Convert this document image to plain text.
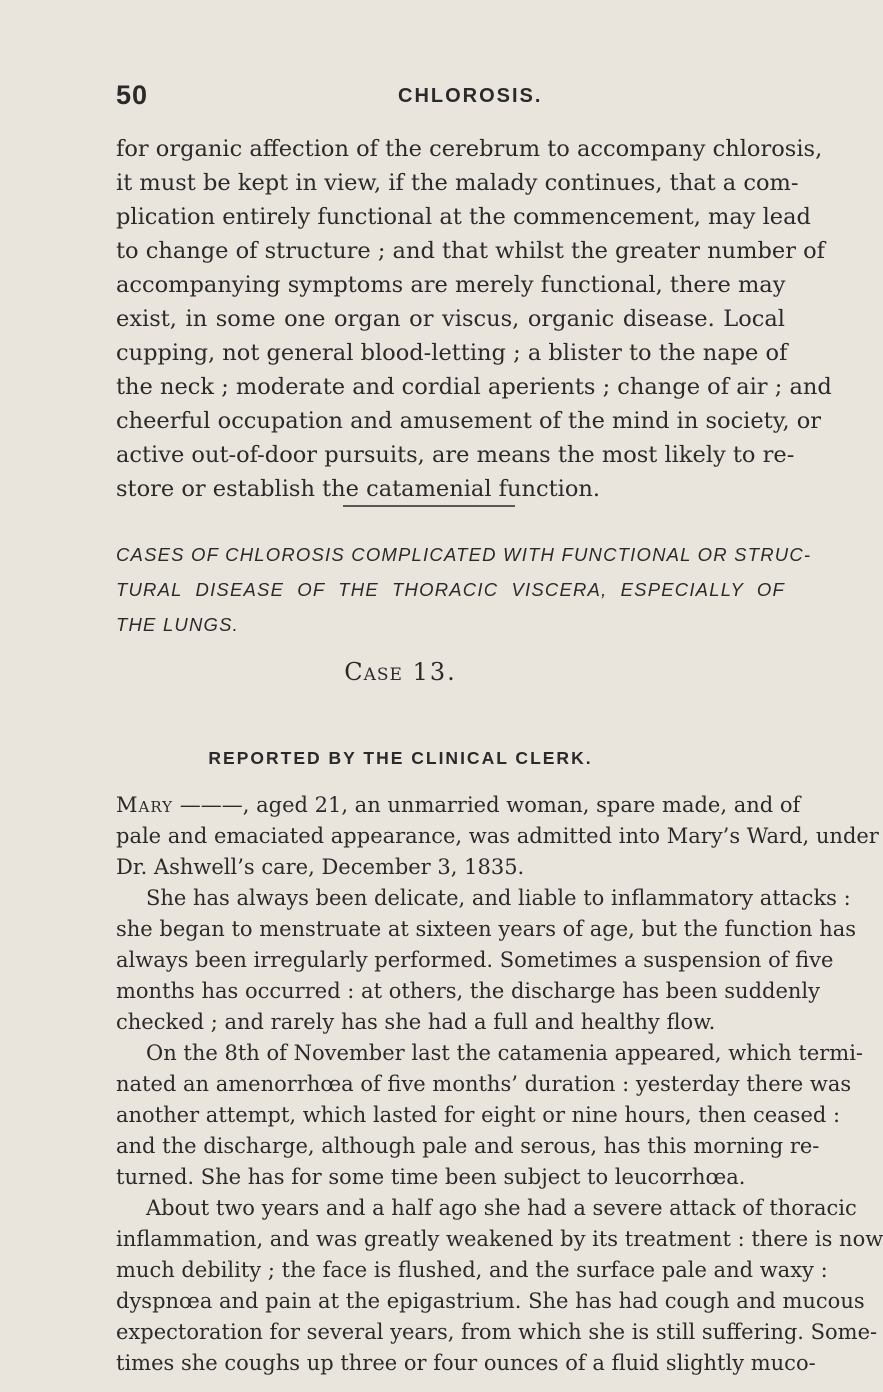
50	CHLOROSIS.
for organic affection of the cerebrum to accompany chlorosis,
it must be kept in view, if the malady continues, that a com-
plication entirely functional at the commencement, may lead
to change of structure ; and that whilst the greater number of
accompanying symptoms are merely functional, there may
exist, in some one organ or viscus, organic disease. Local
cupping, not general blood-letting ; a blister to the nape of
the neck ; moderate and cordial aperients ; change of air ; and
cheerful occupation and amusement of the mind in society, or
active out-of-door pursuits, are means the most likely to re-
store or establish the catamenial function.
CASES OF CHLOROSIS COMPLICATED WITH FUNCTIONAL OR STRUC-
TURAL DISEASE OF THE THORACIC VISCERA, ESPECIALLY OF
THE LUNGS.
Case 13.
REPORTED BY THE CLINICAL CLERK.
Mary ———, aged 21, an unmarried woman, spare made, and of
pale and emaciated appearance, was admitted into Mary’s Ward, under
Dr. Ashwell’s care, December 3, 1835.
She has always been delicate, and liable to inflammatory attacks :
she began to menstruate at sixteen years of age, but the function has
always been irregularly performed. Sometimes a suspension of five
months has occurred : at others, the discharge has been suddenly
checked ; and rarely has she had a full and healthy flow.
On the 8th of November last the catamenia appeared, which termi-
nated an amenorrhœa of five months’ duration : yesterday there was
another attempt, which lasted for eight or nine hours, then ceased :
and the discharge, although pale and serous, has this morning re-
turned. She has for some time been subject to leucorrhœa.
About two years and a half ago she had a severe attack of thoracic
inflammation, and was greatly weakened by its treatment : there is now
much debility ; the face is flushed, and the surface pale and waxy :
dyspnœa and pain at the epigastrium. She has had cough and mucous
expectoration for several years, from which she is still suffering. Some-
times she coughs up three or four ounces of a fluid slightly muco-
